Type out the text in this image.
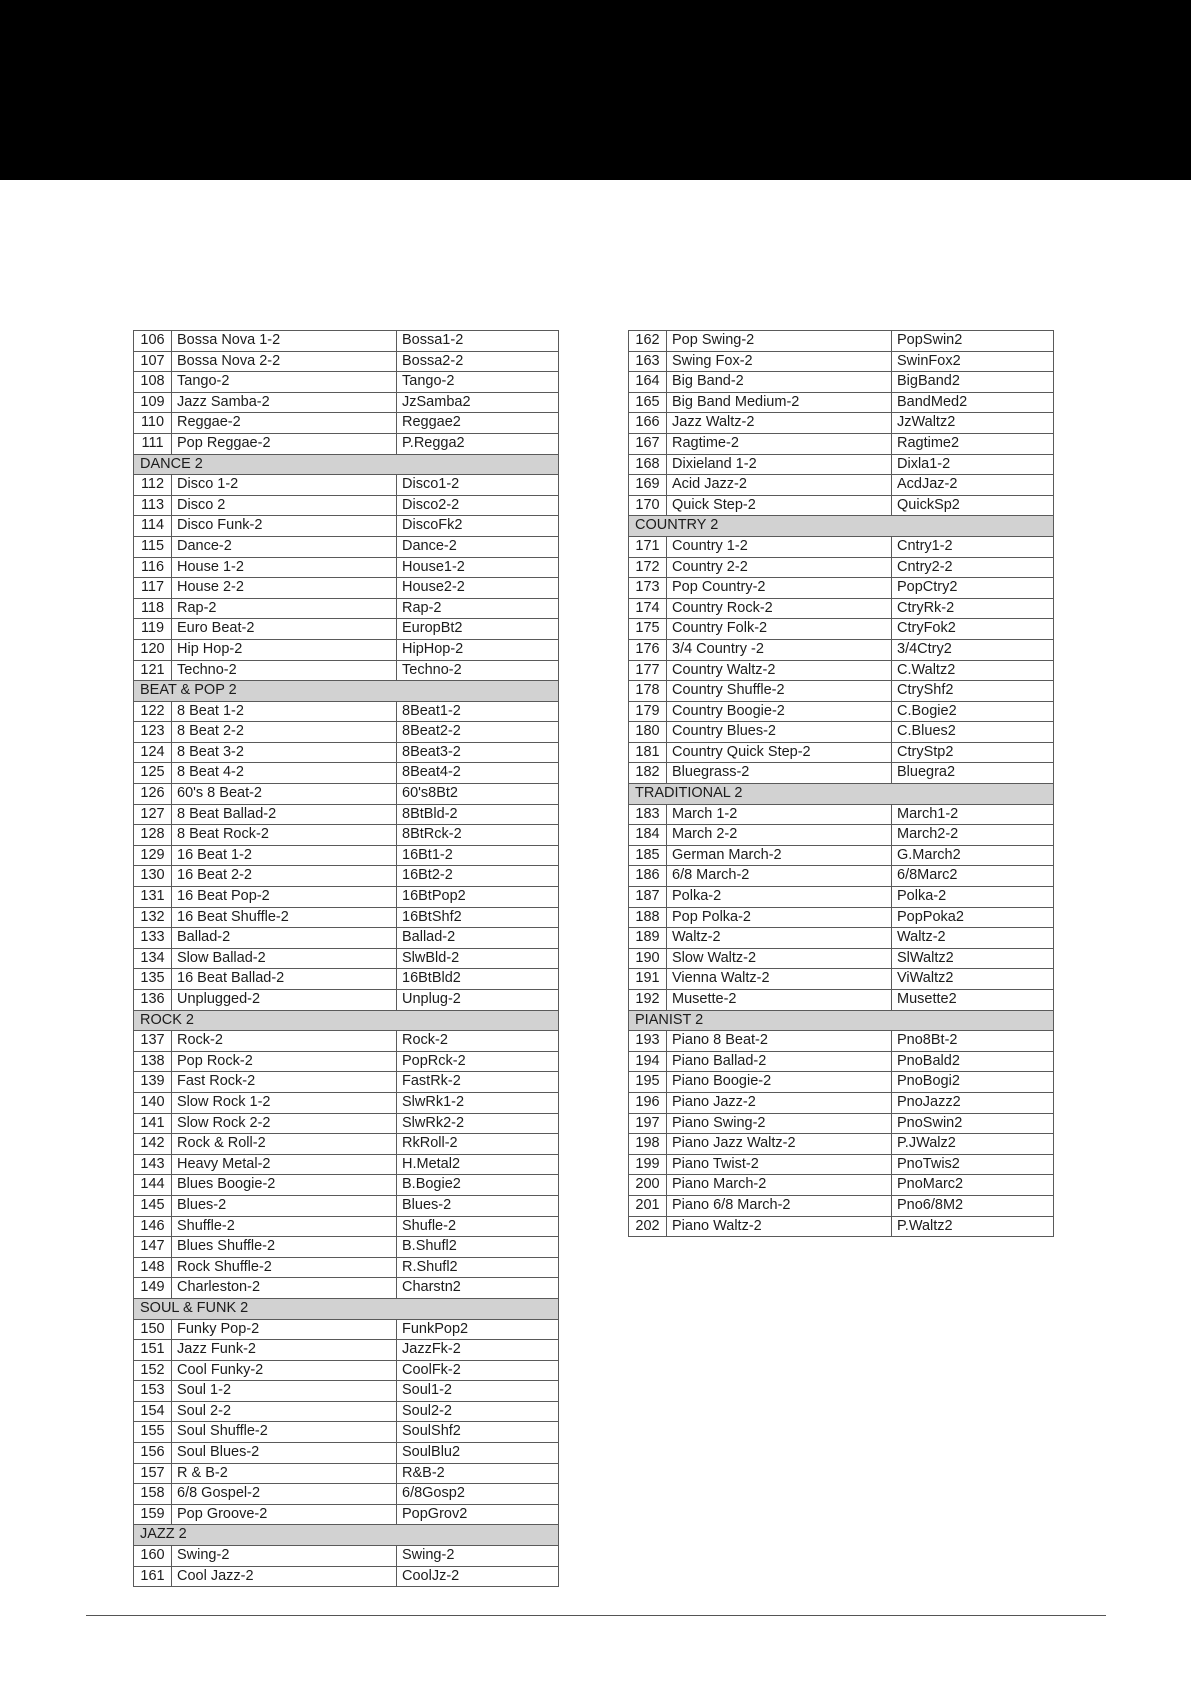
106	Bossa Nova 1-2	Bossa1-2
107	Bossa Nova 2-2	Bossa2-2
108	Tango-2	Tango-2
109	Jazz Samba-2	JzSamba2
110	Reggae-2	Reggae2
111	Pop Reggae-2	P.Regga2
DANCE 2		
112	Disco 1-2	Disco1-2
113	Disco 2	Disco2-2
114	Disco Funk-2	DiscoFk2
115	Dance-2	Dance-2
116	House 1-2	House1-2
117	House 2-2	House2-2
118	Rap-2	Rap-2
119	Euro Beat-2	EuropBt2
120	Hip Hop-2	HipHop-2
121	Techno-2	Techno-2
BEAT & POP 2		
122	8 Beat 1-2	8Beat1-2
123	8 Beat 2-2	8Beat2-2
124	8 Beat 3-2	8Beat3-2
125	8 Beat 4-2	8Beat4-2
126	60's 8 Beat-2	60's8Bt2
127	8 Beat Ballad-2	8BtBld-2
128	8 Beat Rock-2	8BtRck-2
129	16 Beat 1-2	16Bt1-2
130	16 Beat 2-2	16Bt2-2
131	16 Beat Pop-2	16BtPop2
132	16 Beat Shuffle-2	16BtShf2
133	Ballad-2	Ballad-2
134	Slow Ballad-2	SlwBld-2
135	16 Beat Ballad-2	16BtBld2
136	Unplugged-2	Unplug-2
ROCK 2		
137	Rock-2	Rock-2
138	Pop Rock-2	PopRck-2
139	Fast Rock-2	FastRk-2
140	Slow Rock 1-2	SlwRk1-2
141	Slow Rock 2-2	SlwRk2-2
142	Rock & Roll-2	RkRoll-2
143	Heavy Metal-2	H.Metal2
144	Blues Boogie-2	B.Bogie2
145	Blues-2	Blues-2
146	Shuffle-2	Shufle-2
147	Blues Shuffle-2	B.Shufl2
148	Rock Shuffle-2	R.Shufl2
149	Charleston-2	Charstn2
SOUL & FUNK 2		
150	Funky Pop-2	FunkPop2
151	Jazz Funk-2	JazzFk-2
152	Cool Funky-2	CoolFk-2
153	Soul 1-2	Soul1-2
154	Soul 2-2	Soul2-2
155	Soul Shuffle-2	SoulShf2
156	Soul Blues-2	SoulBlu2
157	R & B-2	R&B-2
158	6/8 Gospel-2	6/8Gosp2
159	Pop Groove-2	PopGrov2
JAZZ 2		
160	Swing-2	Swing-2
161	Cool Jazz-2	CoolJz-2
162	Pop Swing-2	PopSwin2
163	Swing Fox-2	SwinFox2
164	Big Band-2	BigBand2
165	Big Band Medium-2	BandMed2
166	Jazz Waltz-2	JzWaltz2
167	Ragtime-2	Ragtime2
168	Dixieland 1-2	Dixla1-2
169	Acid Jazz-2	AcdJaz-2
170	Quick Step-2	QuickSp2
COUNTRY 2		
171	Country 1-2	Cntry1-2
172	Country 2-2	Cntry2-2
173	Pop Country-2	PopCtry2
174	Country Rock-2	CtryRk-2
175	Country Folk-2	CtryFok2
176	3/4 Country -2	3/4Ctry2
177	Country Waltz-2	C.Waltz2
178	Country Shuffle-2	CtryShf2
179	Country Boogie-2	C.Bogie2
180	Country Blues-2	C.Blues2
181	Country Quick Step-2	CtryStp2
182	Bluegrass-2	Bluegra2
TRADITIONAL 2		
183	March 1-2	March1-2
184	March 2-2	March2-2
185	German March-2	G.March2
186	6/8 March-2	6/8Marc2
187	Polka-2	Polka-2
188	Pop Polka-2	PopPoka2
189	Waltz-2	Waltz-2
190	Slow Waltz-2	SlWaltz2
191	Vienna Waltz-2	ViWaltz2
192	Musette-2	Musette2
PIANIST 2		
193	Piano 8 Beat-2	Pno8Bt-2
194	Piano Ballad-2	PnoBald2
195	Piano Boogie-2	PnoBogi2
196	Piano Jazz-2	PnoJazz2
197	Piano Swing-2	PnoSwin2
198	Piano Jazz Waltz-2	P.JWalz2
199	Piano Twist-2	PnoTwis2
200	Piano March-2	PnoMarc2
201	Piano 6/8 March-2	Pno6/8M2
202	Piano Waltz-2	P.Waltz2
